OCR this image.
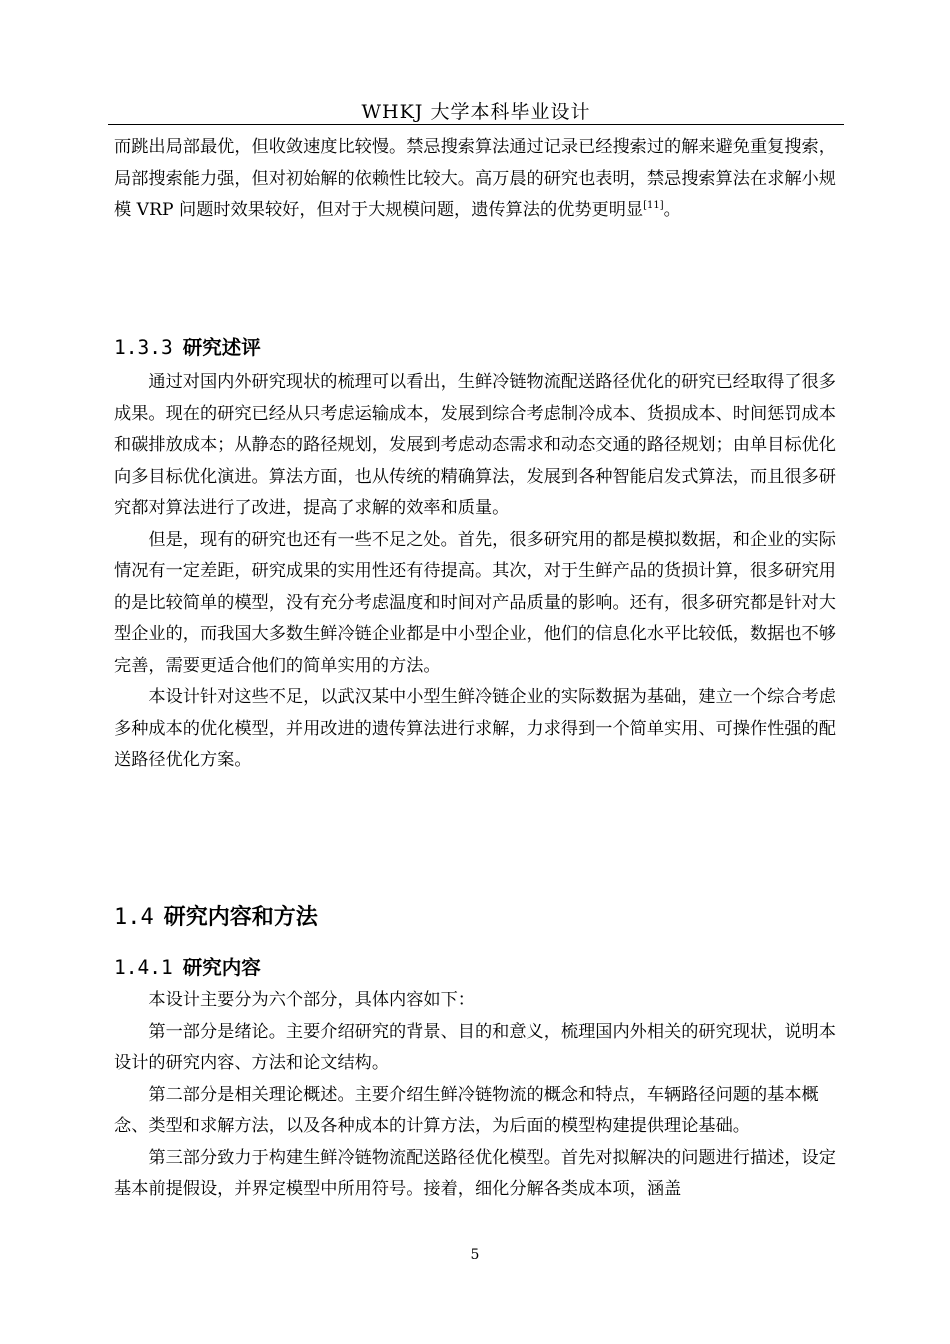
WHKJ 大学本科毕业设计

而跳出局部最优，但收敛速度比较慢。禁忌搜索算法通过记录已经搜索过的解来避免重复搜索，局部搜索能力强，但对初始解的依赖性比较大。高万晨的研究也表明，禁忌搜索算法在求解小规模 VRP 问题时效果较好，但对于大规模问题，遗传算法的优势更明显[11]。

1.3.3 研究述评

通过对国内外研究现状的梳理可以看出，生鲜冷链物流配送路径优化的研究已经取得了很多成果。现在的研究已经从只考虑运输成本，发展到综合考虑制冷成本、货损成本、时间惩罚成本和碳排放成本；从静态的路径规划，发展到考虑动态需求和动态交通的路径规划；由单目标优化向多目标优化演进。算法方面，也从传统的精确算法，发展到各种智能启发式算法，而且很多研究都对算法进行了改进，提高了求解的效率和质量。

但是，现有的研究也还有一些不足之处。首先，很多研究用的都是模拟数据，和企业的实际情况有一定差距，研究成果的实用性还有待提高。其次，对于生鲜产品的货损计算，很多研究用的是比较简单的模型，没有充分考虑温度和时间对产品质量的影响。还有，很多研究都是针对大型企业的，而我国大多数生鲜冷链企业都是中小型企业，他们的信息化水平比较低，数据也不够完善，需要更适合他们的简单实用的方法。

本设计针对这些不足，以武汉某中小型生鲜冷链企业的实际数据为基础，建立一个综合考虑多种成本的优化模型，并用改进的遗传算法进行求解，力求得到一个简单实用、可操作性强的配送路径优化方案。

1.4 研究内容和方法
1.4.1 研究内容

本设计主要分为六个部分，具体内容如下：

第一部分是绪论。主要介绍研究的背景、目的和意义，梳理国内外相关的研究现状，说明本设计的研究内容、方法和论文结构。

第二部分是相关理论概述。主要介绍生鲜冷链物流的概念和特点，车辆路径问题的基本概念、类型和求解方法，以及各种成本的计算方法，为后面的模型构建提供理论基础。

第三部分致力于构建生鲜冷链物流配送路径优化模型。首先对拟解决的问题进行描述，设定基本前提假设，并界定模型中所用符号。接着，细化分解各类成本项，涵盖

5
